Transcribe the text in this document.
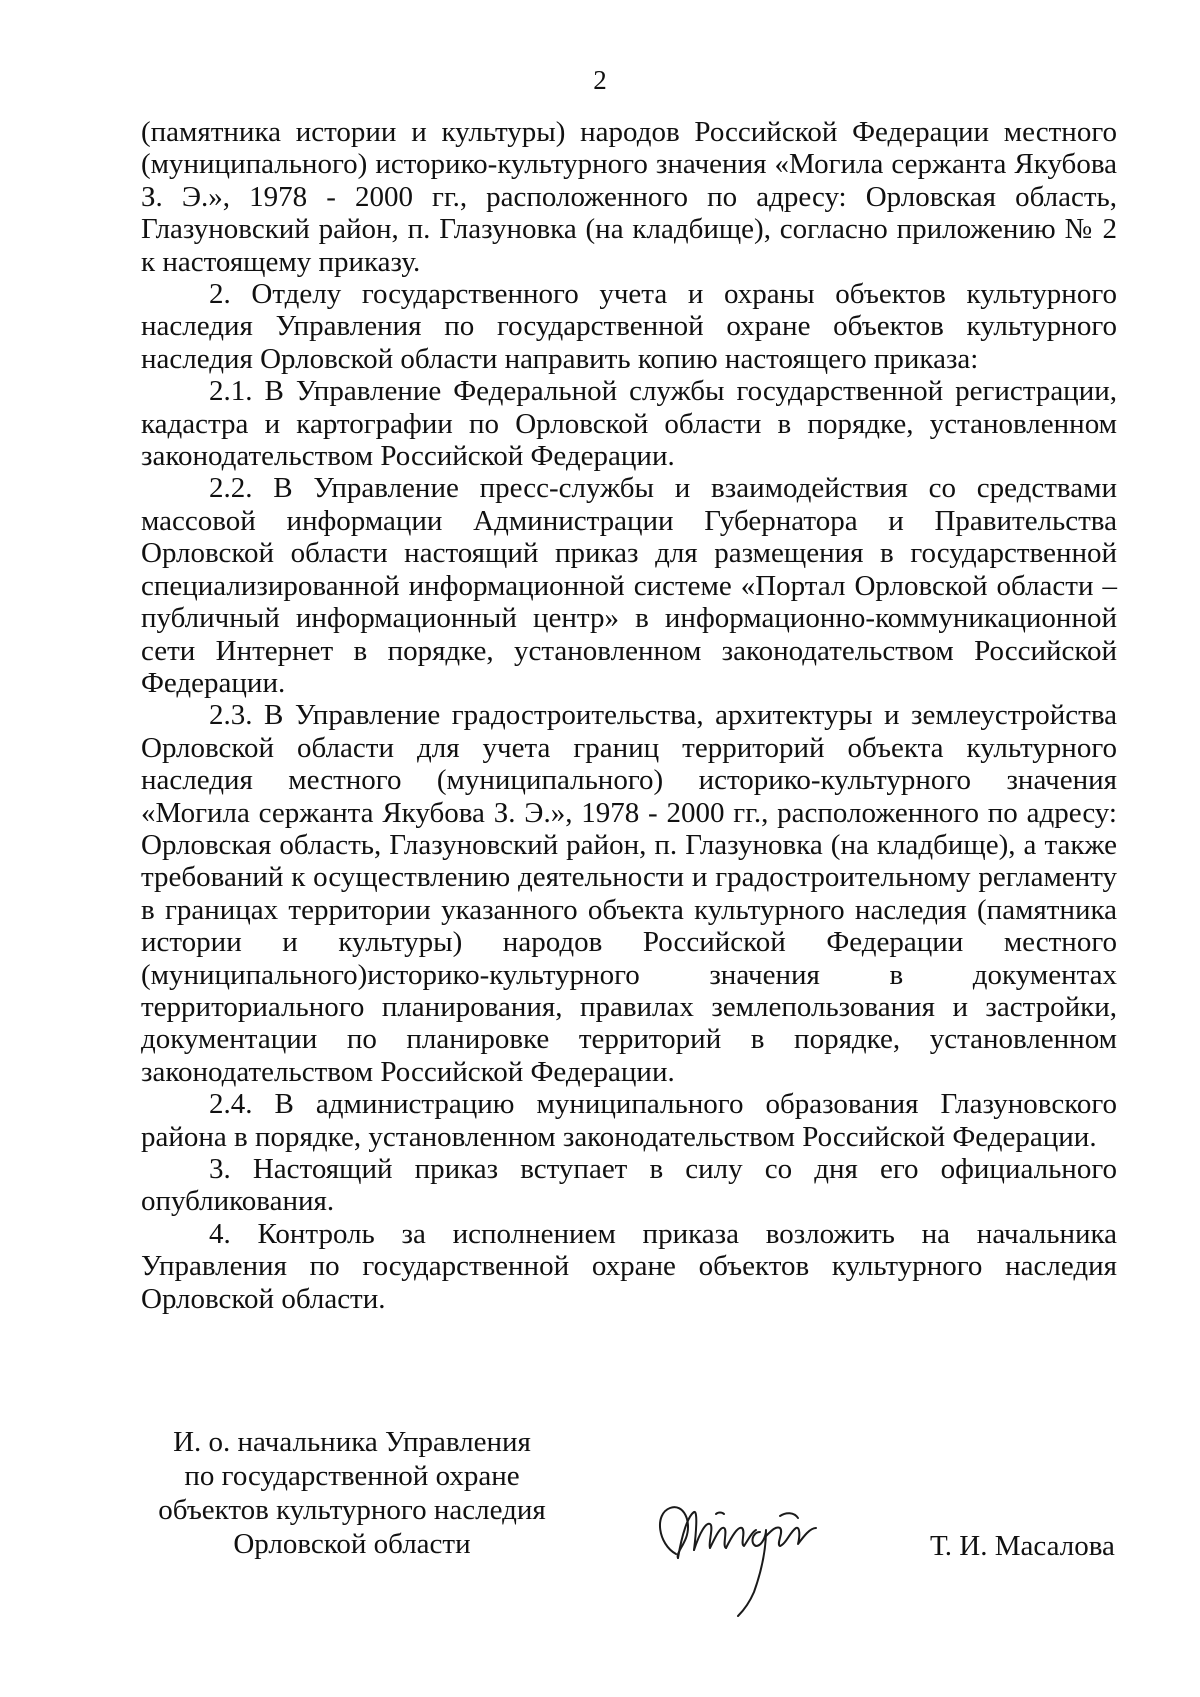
2

(памятника истории и культуры) народов Российской Федерации местного (муниципального) историко-культурного значения «Могила сержанта Якубова З. Э.», 1978 - 2000 гг., расположенного по адресу: Орловская область, Глазуновский район, п. Глазуновка (на кладбище), согласно приложению № 2 к настоящему приказу.

2. Отделу государственного учета и охраны объектов культурного наследия Управления по государственной охране объектов культурного наследия Орловской области направить копию настоящего приказа:

2.1. В Управление Федеральной службы государственной регистрации, кадастра и картографии по Орловской области в порядке, установленном законодательством Российской Федерации.

2.2. В Управление пресс-службы и взаимодействия со средствами массовой информации Администрации Губернатора и Правительства Орловской области настоящий приказ для размещения в государственной специализированной информационной системе «Портал Орловской области – публичный информационный центр» в информационно-коммуникационной сети Интернет в порядке, установленном законодательством Российской Федерации.

2.3. В Управление градостроительства, архитектуры и землеустройства Орловской области для учета границ территорий объекта культурного наследия местного (муниципального) историко-культурного значения «Могила сержанта Якубова З. Э.», 1978 - 2000 гг., расположенного по адресу: Орловская область, Глазуновский район, п. Глазуновка (на кладбище), а также требований к осуществлению деятельности и градостроительному регламенту в границах территории указанного объекта культурного наследия (памятника истории и культуры) народов Российской Федерации местного (муниципального)историко-культурного значения в документах территориального планирования, правилах землепользования и застройки, документации по планировке территорий в порядке, установленном законодательством Российской Федерации.

2.4. В администрацию муниципального образования Глазуновского района в порядке, установленном законодательством Российской Федерации.

3. Настоящий приказ вступает в силу со дня его официального опубликования.

4. Контроль за исполнением приказа возложить на начальника Управления по государственной охране объектов культурного наследия Орловской области.

И. о. начальника Управления
по государственной охране
объектов культурного наследия
Орловской области	Т. И. Масалова
